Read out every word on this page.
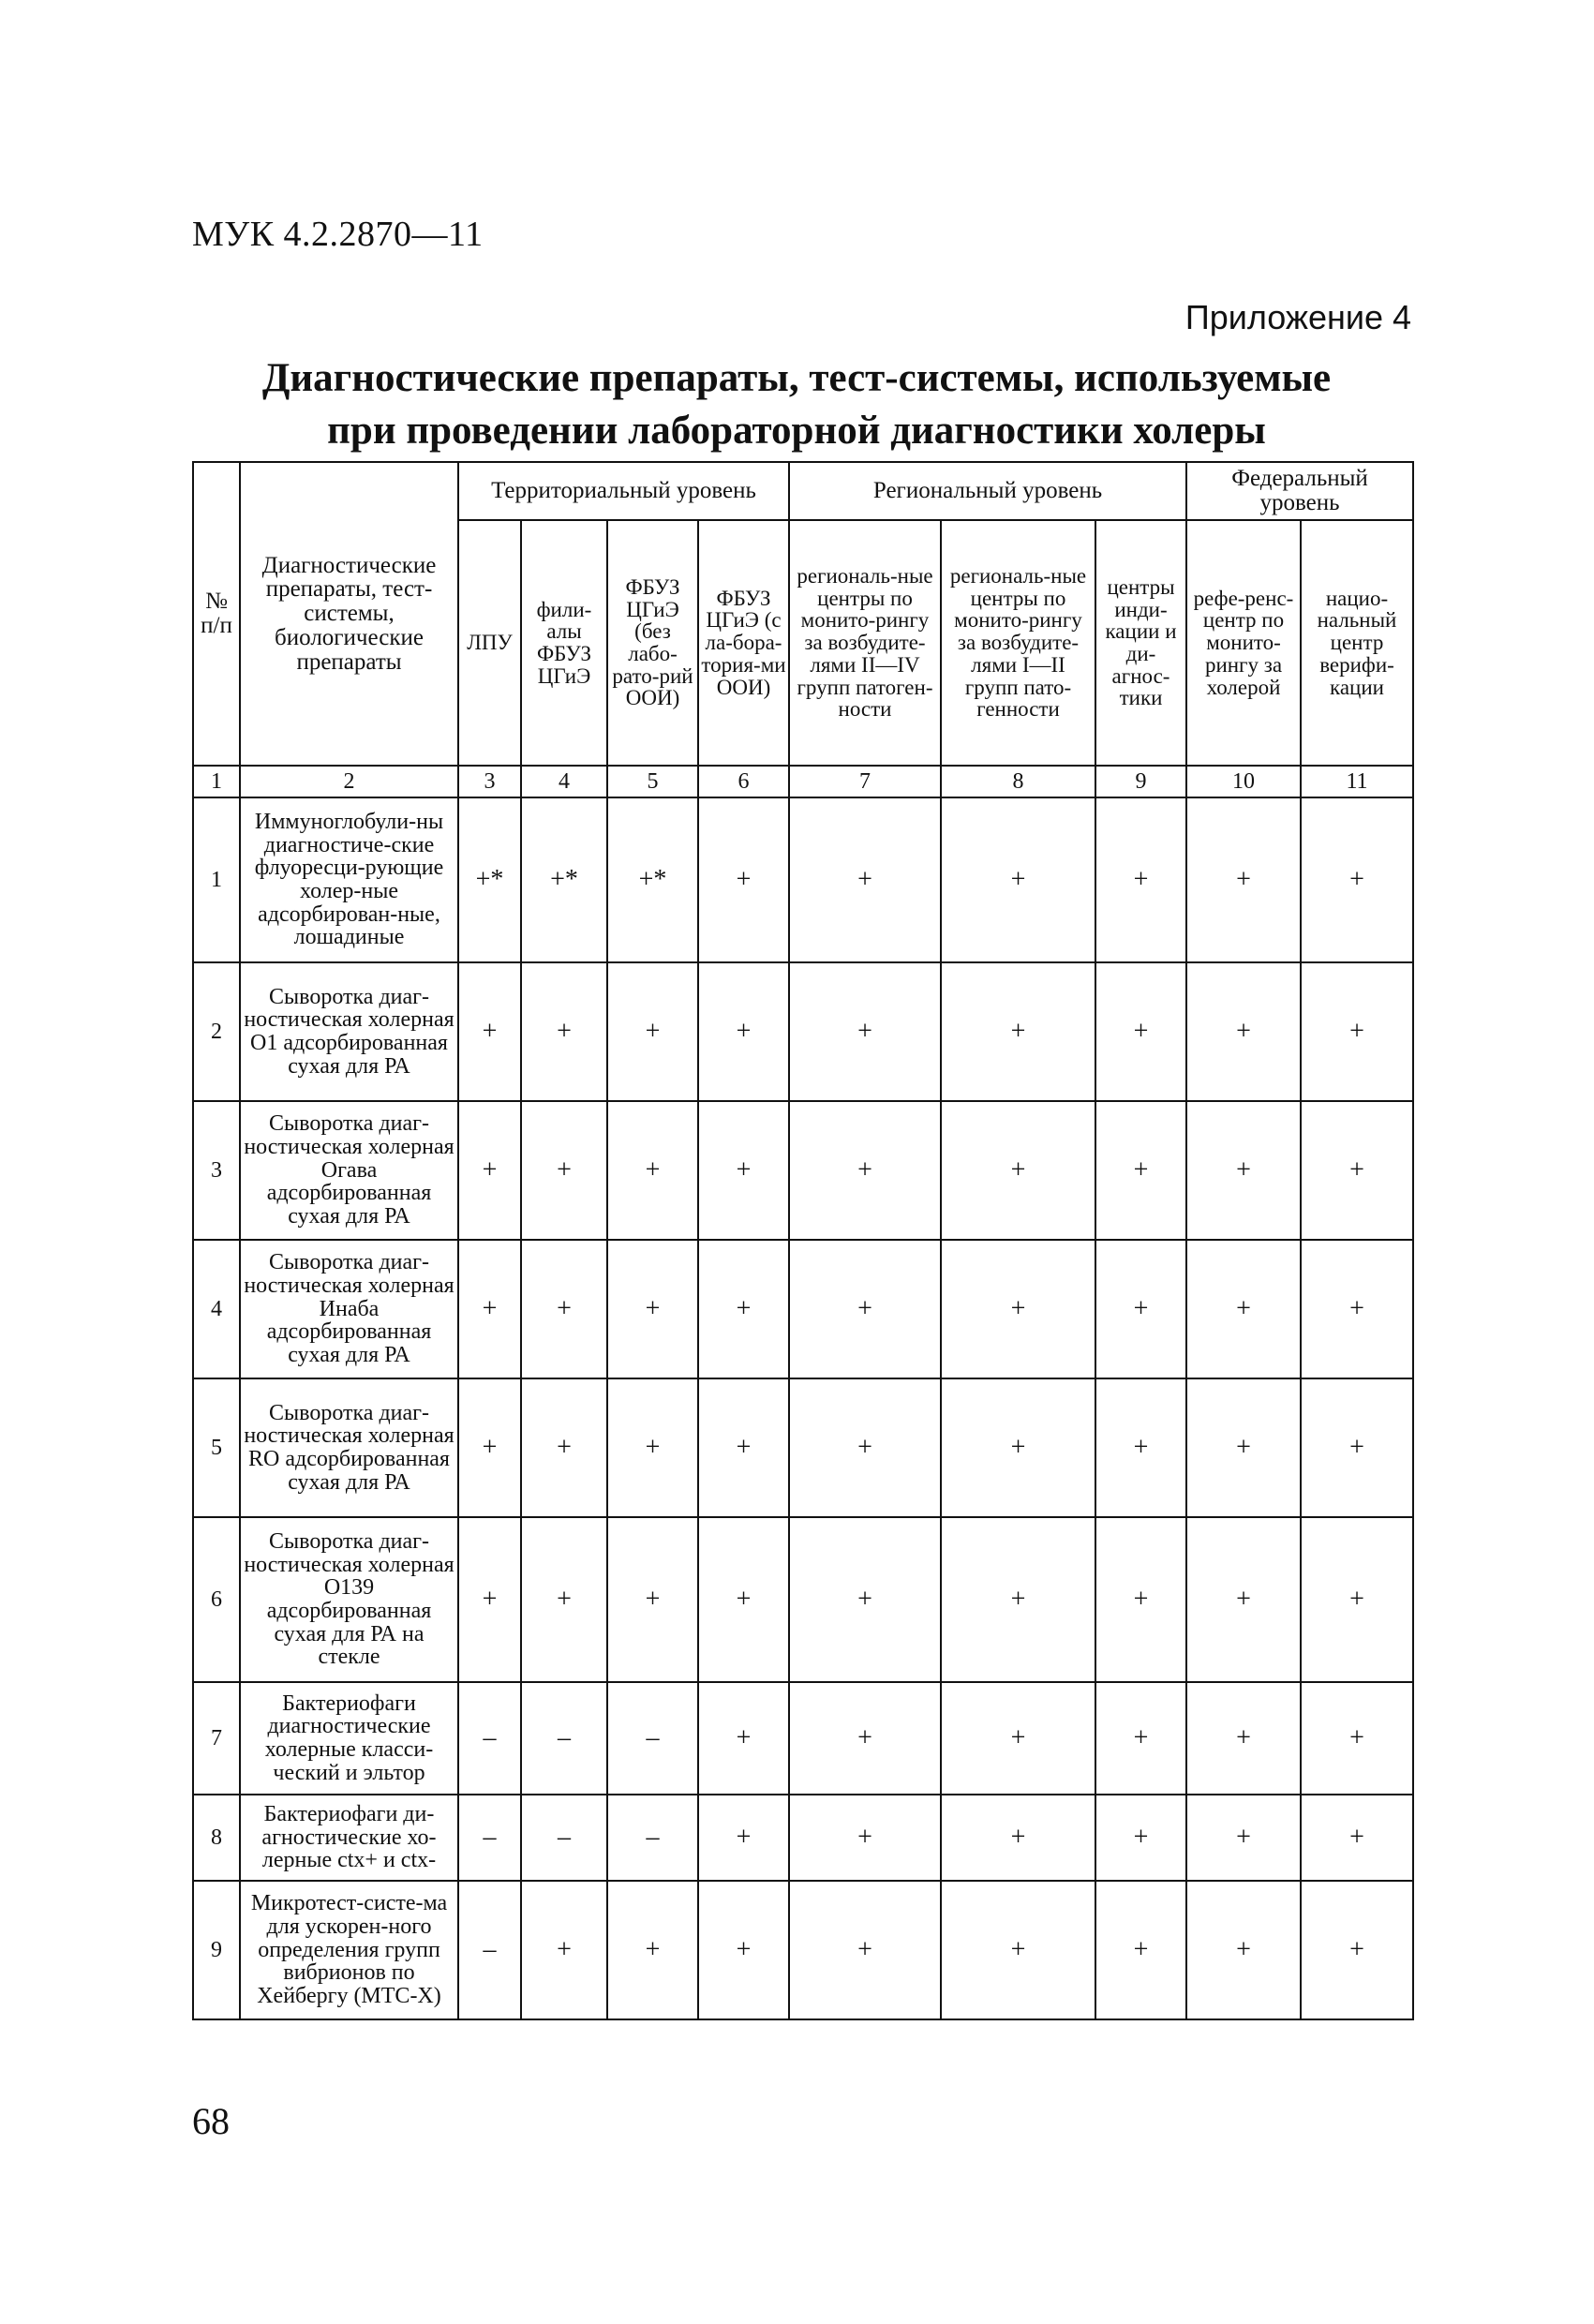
МУК 4.2.2870—11
Приложение 4
Диагностические препараты, тест-системы, используемые
при проведении лабораторной диагностики холеры
№ п/п	Диагностические препараты, тест-системы, биологические препараты	Территориальный уровень				Региональный уровень			Федеральный уровень	
		ЛПУ	фили-алы ФБУЗ ЦГиЭ	ФБУЗ ЦГиЭ (без лабо-рато-рий ООИ)	ФБУЗ ЦГиЭ (с ла-бора-тория-ми ООИ)	региональ-ные центры по монито-рингу за возбудите-лями II—IV групп патоген-ности	региональ-ные центры по монито-рингу за возбудите-лями I—II групп пато-генности	центры инди-кации и ди-агнос-тики	рефе-ренс-центр по монито-рингу за холерой	нацио-нальный центр верифи-кации
1	2	3	4	5	6	7	8	9	10	11
1	Иммуноглобули-ны диагностиче-ские флуоресци-рующие холер-ные адсорбирован-ные, лошадиные	+*	+*	+*	+	+	+	+	+	+
2	Сыворотка диаг-ностическая холерная O1 адсорбированная сухая для РА	+	+	+	+	+	+	+	+	+
3	Сыворотка диаг-ностическая холерная Огава адсорбированная сухая для РА	+	+	+	+	+	+	+	+	+
4	Сыворотка диаг-ностическая холерная Инаба адсорбированная сухая для РА	+	+	+	+	+	+	+	+	+
5	Сыворотка диаг-ностическая холерная RO адсорбированная сухая для РА	+	+	+	+	+	+	+	+	+
6	Сыворотка диаг-ностическая холерная O139 адсорбированная сухая для РА на стекле	+	+	+	+	+	+	+	+	+
7	Бактериофаги диагностические холерные класси-ческий и эльтор	–	–	–	+	+	+	+	+	+
8	Бактериофаги ди-агностические хо-лерные ctx+ и ctx-	–	–	–	+	+	+	+	+	+
9	Микротест-систе-ма для ускорен-ного определения групп вибрионов по Хейбергу (МТС-Х)	–	+	+	+	+	+	+	+	+
68
